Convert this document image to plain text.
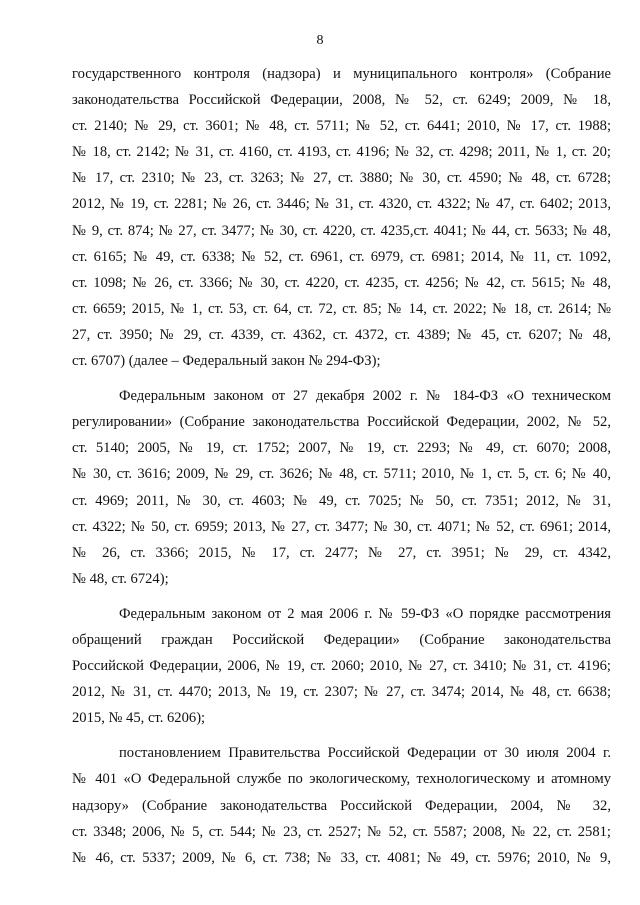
8
государственного контроля (надзора) и муниципального контроля» (Собрание
законодательства Российской Федерации, 2008, № 52, ст. 6249; 2009, № 18,
ст. 2140; № 29, ст. 3601; № 48, ст. 5711; № 52, ст. 6441; 2010, № 17, ст. 1988;
№ 18, ст. 2142; № 31, ст. 4160, ст. 4193, ст. 4196; № 32, ст. 4298; 2011, № 1, ст. 20;
№ 17, ст. 2310; № 23, ст. 3263; № 27, ст. 3880; № 30, ст. 4590; № 48, ст. 6728;
2012, № 19, ст. 2281; № 26, ст. 3446; № 31, ст. 4320, ст. 4322; № 47, ст. 6402; 2013,
№ 9, ст. 874; № 27, ст. 3477; № 30, ст. 4220, ст. 4235,ст. 4041; № 44, ст. 5633; № 48,
ст. 6165; № 49, ст. 6338; № 52, ст. 6961, ст. 6979, ст. 6981; 2014, № 11, ст. 1092,
ст. 1098; № 26, ст. 3366; № 30, ст. 4220, ст. 4235, ст. 4256; № 42, ст. 5615; № 48,
ст. 6659; 2015, № 1, ст. 53, ст. 64, ст. 72, ст. 85; № 14, ст. 2022; № 18, ст. 2614; №
27, ст. 3950; № 29, ст. 4339, ст. 4362, ст. 4372, ст. 4389; № 45, ст. 6207; № 48,
ст. 6707) (далее – Федеральный закон № 294-ФЗ);
Федеральным законом от 27 декабря 2002 г. № 184-ФЗ «О техническом
регулировании» (Собрание законодательства Российской Федерации, 2002, № 52,
ст. 5140; 2005, № 19, ст. 1752; 2007, № 19, ст. 2293; № 49, ст. 6070; 2008,
№ 30, ст. 3616; 2009, № 29, ст. 3626; № 48, ст. 5711; 2010, № 1, ст. 5, ст. 6; № 40,
ст. 4969; 2011, № 30, ст. 4603; № 49, ст. 7025; № 50, ст. 7351; 2012, № 31,
ст. 4322; № 50, ст. 6959; 2013, № 27, ст. 3477; № 30, ст. 4071; № 52, ст. 6961; 2014,
№ 26, ст. 3366; 2015, № 17, ст. 2477; № 27, ст. 3951; № 29, ст. 4342,
№ 48, ст. 6724);
Федеральным законом от 2 мая 2006 г. № 59-ФЗ «О порядке рассмотрения
обращений граждан Российской Федерации» (Собрание законодательства
Российской Федерации, 2006, № 19, ст. 2060; 2010, № 27, ст. 3410; № 31, ст. 4196;
2012, № 31, ст. 4470; 2013, № 19, ст. 2307; № 27, ст. 3474; 2014, № 48, ст. 6638;
2015, № 45, ст. 6206);
постановлением Правительства Российской Федерации от 30 июля 2004 г.
№ 401 «О Федеральной службе по экологическому, технологическому и атомному
надзору» (Собрание законодательства Российской Федерации, 2004, № 32,
ст. 3348; 2006, № 5, ст. 544; № 23, ст. 2527; № 52, ст. 5587; 2008, № 22, ст. 2581;
№ 46, ст. 5337; 2009, № 6, ст. 738; № 33, ст. 4081; № 49, ст. 5976; 2010, № 9,
